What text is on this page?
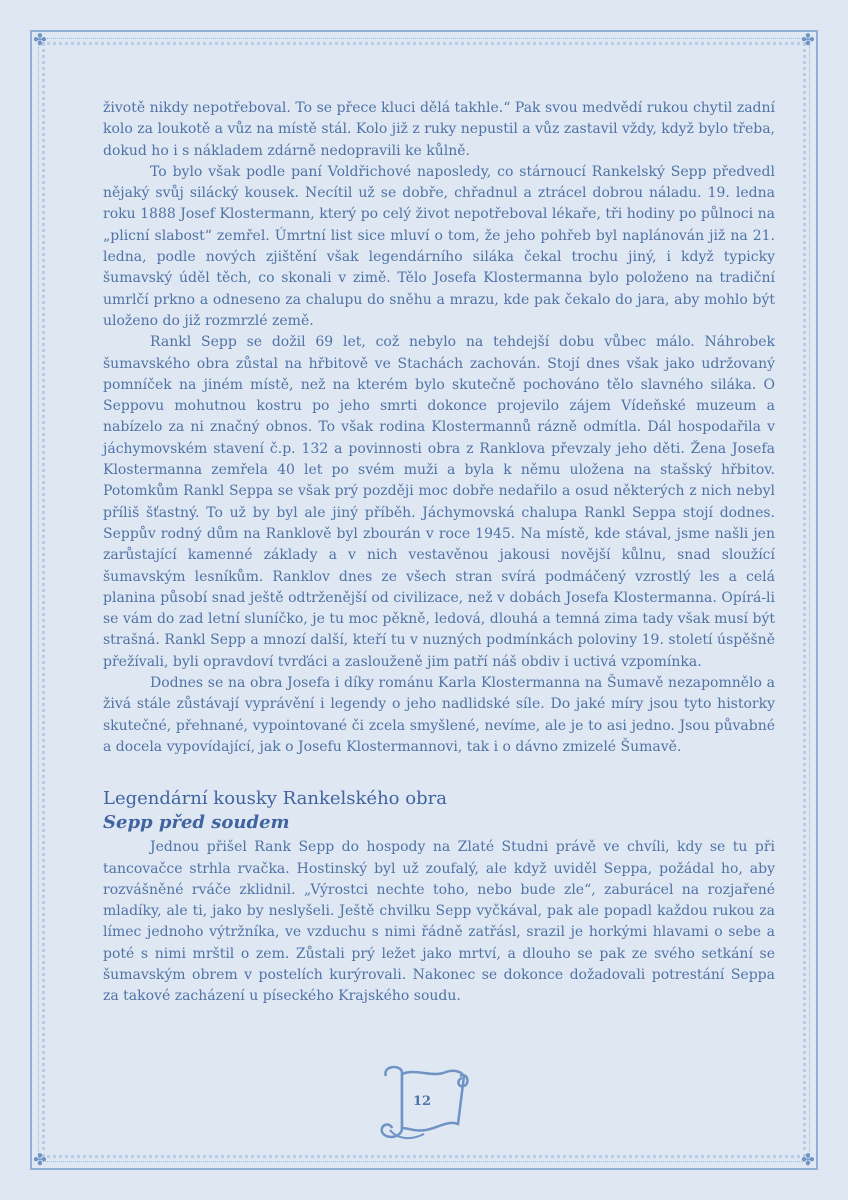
✤	✤
✤	✤

životě nikdy nepotřeboval. To se přece kluci dělá takhle.“ Pak svou medvědí rukou chytil zadní kolo za loukotě a vůz na místě stál. Kolo již z ruky nepustil a vůz zastavil vždy, když bylo třeba, dokud ho i s nákladem zdárně nedopravili ke kůlně.

To bylo však podle paní Voldřichové naposledy, co stárnoucí Rankelský Sepp předvedl nějaký svůj silácký kousek. Necítil už se dobře, chřadnul a ztrácel dobrou náladu. 19. ledna roku 1888 Josef Klostermann, který po celý život nepotřeboval lékaře, tři hodiny po půlnoci na „plicní slabost“ zemřel. Úmrtní list sice mluví o tom, že jeho pohřeb byl naplánován již na 21. ledna, podle nových zjištění však legendárního siláka čekal trochu jiný, i když typicky šumavský úděl těch, co skonali v zimě. Tělo Josefa Klostermanna bylo položeno na tradiční umrlčí prkno a odneseno za chalupu do sněhu a mrazu, kde pak čekalo do jara, aby mohlo být uloženo do již rozmrzlé země.

Rankl Sepp se dožil 69 let, což nebylo na tehdejší dobu vůbec málo. Náhrobek šumavského obra zůstal na hřbitově ve Stachách zachován. Stojí dnes však jako udržovaný pomníček na jiném místě, než na kterém bylo skutečně pochováno tělo slavného siláka. O Seppovu mohutnou kostru po jeho smrti dokonce projevilo zájem Vídeňské muzeum a nabízelo za ni značný obnos. To však rodina Klostermannů rázně odmítla. Dál hospodařila v jáchymovském stavení č.p. 132 a povinnosti obra z Ranklova převzaly jeho děti. Žena Josefa Klostermanna zemřela 40 let po svém muži a byla k němu uložena na stašský hřbitov. Potomkům Rankl Seppa se však prý později moc dobře nedařilo a osud některých z nich nebyl příliš šťastný. To už by byl ale jiný příběh. Jáchymovská chalupa Rankl Seppa stojí dodnes. Seppův rodný dům na Ranklově byl zbourán v roce 1945. Na místě, kde stával, jsme našli jen zarůstající kamenné základy a v nich vestavěnou jakousi novější kůlnu, snad sloužící šumavským lesníkům. Ranklov dnes ze všech stran svírá podmáčený vzrostlý les a celá planina působí snad ještě odtrženější od civilizace, než v dobách Josefa Klostermanna. Opírá-li se vám do zad letní sluníčko, je tu moc pěkně, ledová, dlouhá a temná zima tady však musí být strašná. Rankl Sepp a mnozí další, kteří tu v nuzných podmínkách poloviny 19. století úspěšně přežívali, byli opravdoví tvrďáci a zaslouženě jim patří náš obdiv i uctivá vzpomínka.

Dodnes se na obra Josefa i díky románu Karla Klostermanna na Šumavě nezapomnělo a živá stále zůstávají vyprávění i legendy o jeho nadlidské síle. Do jaké míry jsou tyto historky skutečné, přehnané, vypointované či zcela smyšlené, nevíme, ale je to asi jedno. Jsou půvabné a docela vypovídající, jak o Josefu Klostermannovi, tak i o dávno zmizelé Šumavě.

Legendární kousky Rankelského obra
Sepp před soudem

Jednou přišel Rank Sepp do hospody na Zlaté Studni právě ve chvíli, kdy se tu při tancovačce strhla rvačka. Hostinský byl už zoufalý, ale když uviděl Seppa, požádal ho, aby rozvášněné rváče zklidnil. „Výrostci nechte toho, nebo bude zle“, zaburácel na rozjařené mladíky, ale ti, jako by neslyšeli. Ještě chvilku Sepp vyčkával, pak ale popadl každou rukou za límec jednoho výtržníka, ve vzduchu s nimi řádně zatřásl, srazil je horkými hlavami o sebe a poté s nimi mrštil o zem. Zůstali prý ležet jako mrtví, a dlouho se pak ze svého setkání se šumavským obrem v postelích kurýrovali. Nakonec se dokonce dožadovali potrestání Seppa za takové zacházení u píseckého Krajského soudu.

12
